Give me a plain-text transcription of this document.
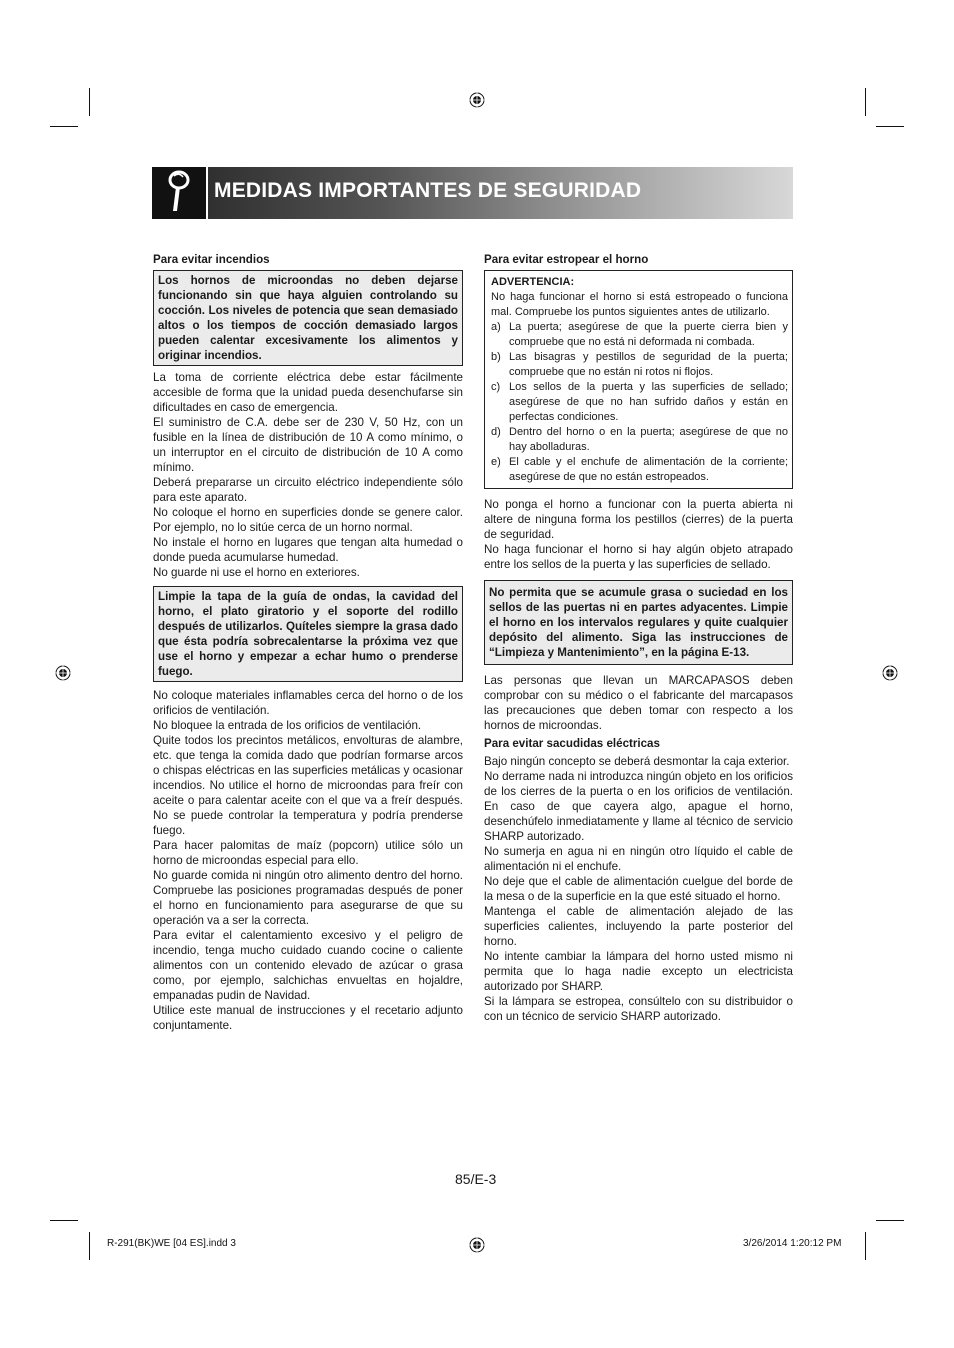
MEDIDAS IMPORTANTES DE SEGURIDAD
Para evitar incendios

Los hornos de microondas no deben dejarse funcionando sin que haya alguien controlando su cocción. Los niveles de potencia que sean demasiado altos o los tiempos de cocción demasiado largos pueden calentar excesivamente los alimentos y originar incendios.

La toma de corriente eléctrica debe estar fácilmente accesible de forma que la unidad pueda desenchufarse sin dificultades en caso de emergencia.

El suministro de C.A. debe ser de 230 V, 50 Hz, con un fusible en la línea de distribución de 10 A como mínimo, o un interruptor en el circuito de distribución de 10 A como mínimo.

Deberá prepararse un circuito eléctrico independiente sólo para este aparato.

No coloque el horno en superficies donde se genere calor. Por ejemplo, no lo sitúe cerca de un horno normal.

No instale el horno en lugares que tengan alta humedad o donde pueda acumularse humedad.

No guarde ni use el horno en exteriores.

Limpie la tapa de la guía de ondas, la cavidad del horno, el plato giratorio y el soporte del rodillo después de utilizarlos. Quíteles siempre la grasa dado que ésta podría sobrecalentarse la próxima vez que use el horno y empezar a echar humo o prenderse fuego.

No coloque materiales inflamables cerca del horno o de los orificios de ventilación.

No bloquee la entrada de los orificios de ventilación.

Quite todos los precintos metálicos, envolturas de alambre, etc. que tenga la comida dado que podrían formarse arcos o chispas eléctricas en las superficies metálicas y ocasionar incendios. No utilice el horno de microondas para freír con aceite o para calentar aceite con el que va a freír después. No se puede controlar la temperatura y podría prenderse fuego.

Para hacer palomitas de maíz (popcorn) utilice sólo un horno de microondas especial para ello.

No guarde comida ni ningún otro alimento dentro del horno. Compruebe las posiciones programadas después de poner el horno en funcionamiento para asegurarse de que su operación va a ser la correcta.

Para evitar el calentamiento excesivo y el peligro de incendio, tenga mucho cuidado cuando cocine o caliente alimentos con un contenido elevado de azúcar o grasa como, por ejemplo, salchichas envueltas en hojaldre, empanadas pudin de Navidad.

Utilice este manual de instrucciones y el recetario adjunto conjuntamente.

Para evitar estropear el horno

ADVERTENCIA:

No haga funcionar el horno si está estropeado o funciona mal. Compruebe los puntos siguientes antes de utilizarlo.

a) La puerta; asegúrese de que la puerte cierra bien y compruebe que no está ni deformada ni combada.
b) Las bisagras y pestillos de seguridad de la puerta; compruebe que no están ni rotos ni flojos.
c) Los sellos de la puerta y las superficies de sellado; asegúrese de que no han sufrido daños y están en perfectas condiciones.
d) Dentro del horno o en la puerta; asegúrese de que no hay abolladuras.
e) El cable y el enchufe de alimentación de la corriente; asegúrese de que no están estropeados.

No ponga el horno a funcionar con la puerta abierta ni altere de ninguna forma los pestillos (cierres) de la puerta de seguridad.

No haga funcionar el horno si hay algún objeto atrapado entre los sellos de la puerta y las superficies de sellado.

No permita que se acumule grasa o suciedad en los sellos de las puertas ni en partes adyacentes. Limpie el horno en los intervalos regulares y quite cualquier depósito del alimento. Siga las instrucciones de “Limpieza y Mantenimiento”, en la página E-13.

Las personas que llevan un MARCAPASOS deben comprobar con su médico o el fabricante del marcapasos las precauciones que deben tomar con respecto a los hornos de microondas.

Para evitar sacudidas eléctricas

Bajo ningún concepto se deberá desmontar la caja exterior.

No derrame nada ni introduzca ningún objeto en los orificios de los cierres de la puerta o en los orificios de ventilación. En caso de que cayera algo, apague el horno, desenchúfelo inmediatamente y llame al técnico de servicio SHARP autorizado.

No sumerja en agua ni en ningún otro líquido el cable de alimentación ni el enchufe.

No deje que el cable de alimentación cuelgue del borde de la mesa o de la superficie en la que esté situado el horno.

Mantenga el cable de alimentación alejado de las superficies calientes, incluyendo la parte posterior del horno.

No intente cambiar la lámpara del horno usted mismo ni permita que lo haga nadie excepto un electricista autorizado por SHARP.

Si la lámpara se estropea, consúltelo con su distribuidor o con un técnico de servicio SHARP autorizado.

85/E-3
R-291(BK)WE [04 ES].indd 3	3/26/2014 1:20:12 PM
